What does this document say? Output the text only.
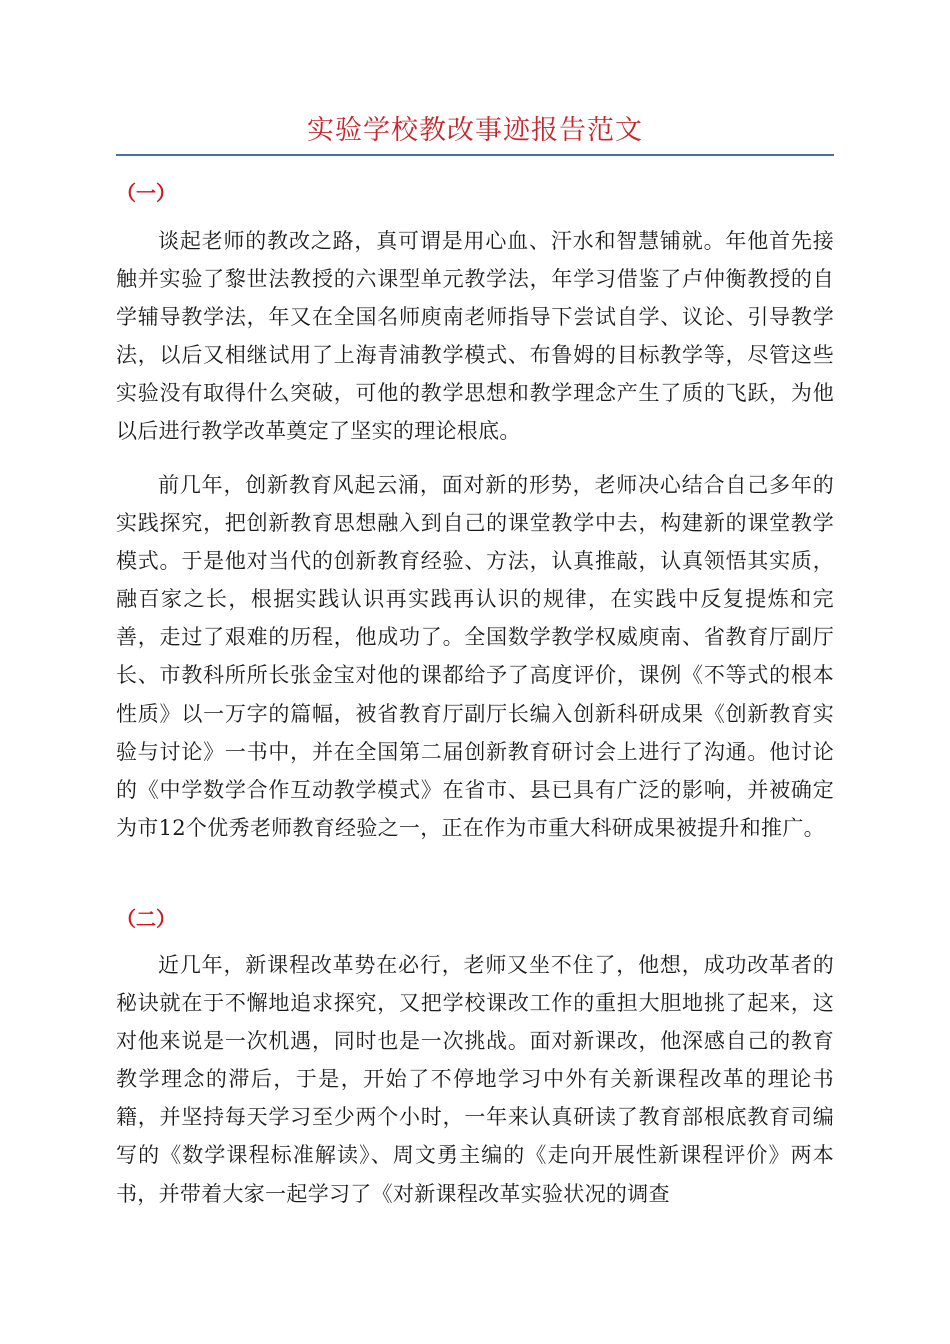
实验学校教改事迹报告范文
（一）

谈起老师的教改之路，真可谓是用心血、汗水和智慧铺就。年他首先接触并实验了黎世法教授的六课型单元教学法，年学习借鉴了卢仲衡教授的自学辅导教学法，年又在全国名师庾南老师指导下尝试自学、议论、引导教学法，以后又相继试用了上海青浦教学模式、布鲁姆的目标教学等，尽管这些实验没有取得什么突破，可他的教学思想和教学理念产生了质的飞跃，为他以后进行教学改革奠定了坚实的理论根底。

前几年，创新教育风起云涌，面对新的形势，老师决心结合自己多年的实践探究，把创新教育思想融入到自己的课堂教学中去，构建新的课堂教学模式。于是他对当代的创新教育经验、方法，认真推敲，认真领悟其实质，融百家之长，根据实践认识再实践再认识的规律，在实践中反复提炼和完善，走过了艰难的历程，他成功了。全国数学教学权威庾南、省教育厅副厅长、市教科所所长张金宝对他的课都给予了高度评价，课例《不等式的根本性质》以一万字的篇幅，被省教育厅副厅长编入创新科研成果《创新教育实验与讨论》一书中，并在全国第二届创新教育研讨会上进行了沟通。他讨论的《中学数学合作互动教学模式》在省市、县已具有广泛的影响，并被确定为市12个优秀老师教育经验之一，正在作为市重大科研成果被提升和推广。

（二）

近几年，新课程改革势在必行，老师又坐不住了，他想，成功改革者的秘诀就在于不懈地追求探究，又把学校课改工作的重担大胆地挑了起来，这对他来说是一次机遇，同时也是一次挑战。面对新课改，他深感自己的教育教学理念的滞后，于是，开始了不停地学习中外有关新课程改革的理论书籍，并坚持每天学习至少两个小时，一年来认真研读了教育部根底教育司编写的《数学课程标准解读》、周文勇主编的《走向开展性新课程评价》两本书，并带着大家一起学习了《对新课程改革实验状况的调查
